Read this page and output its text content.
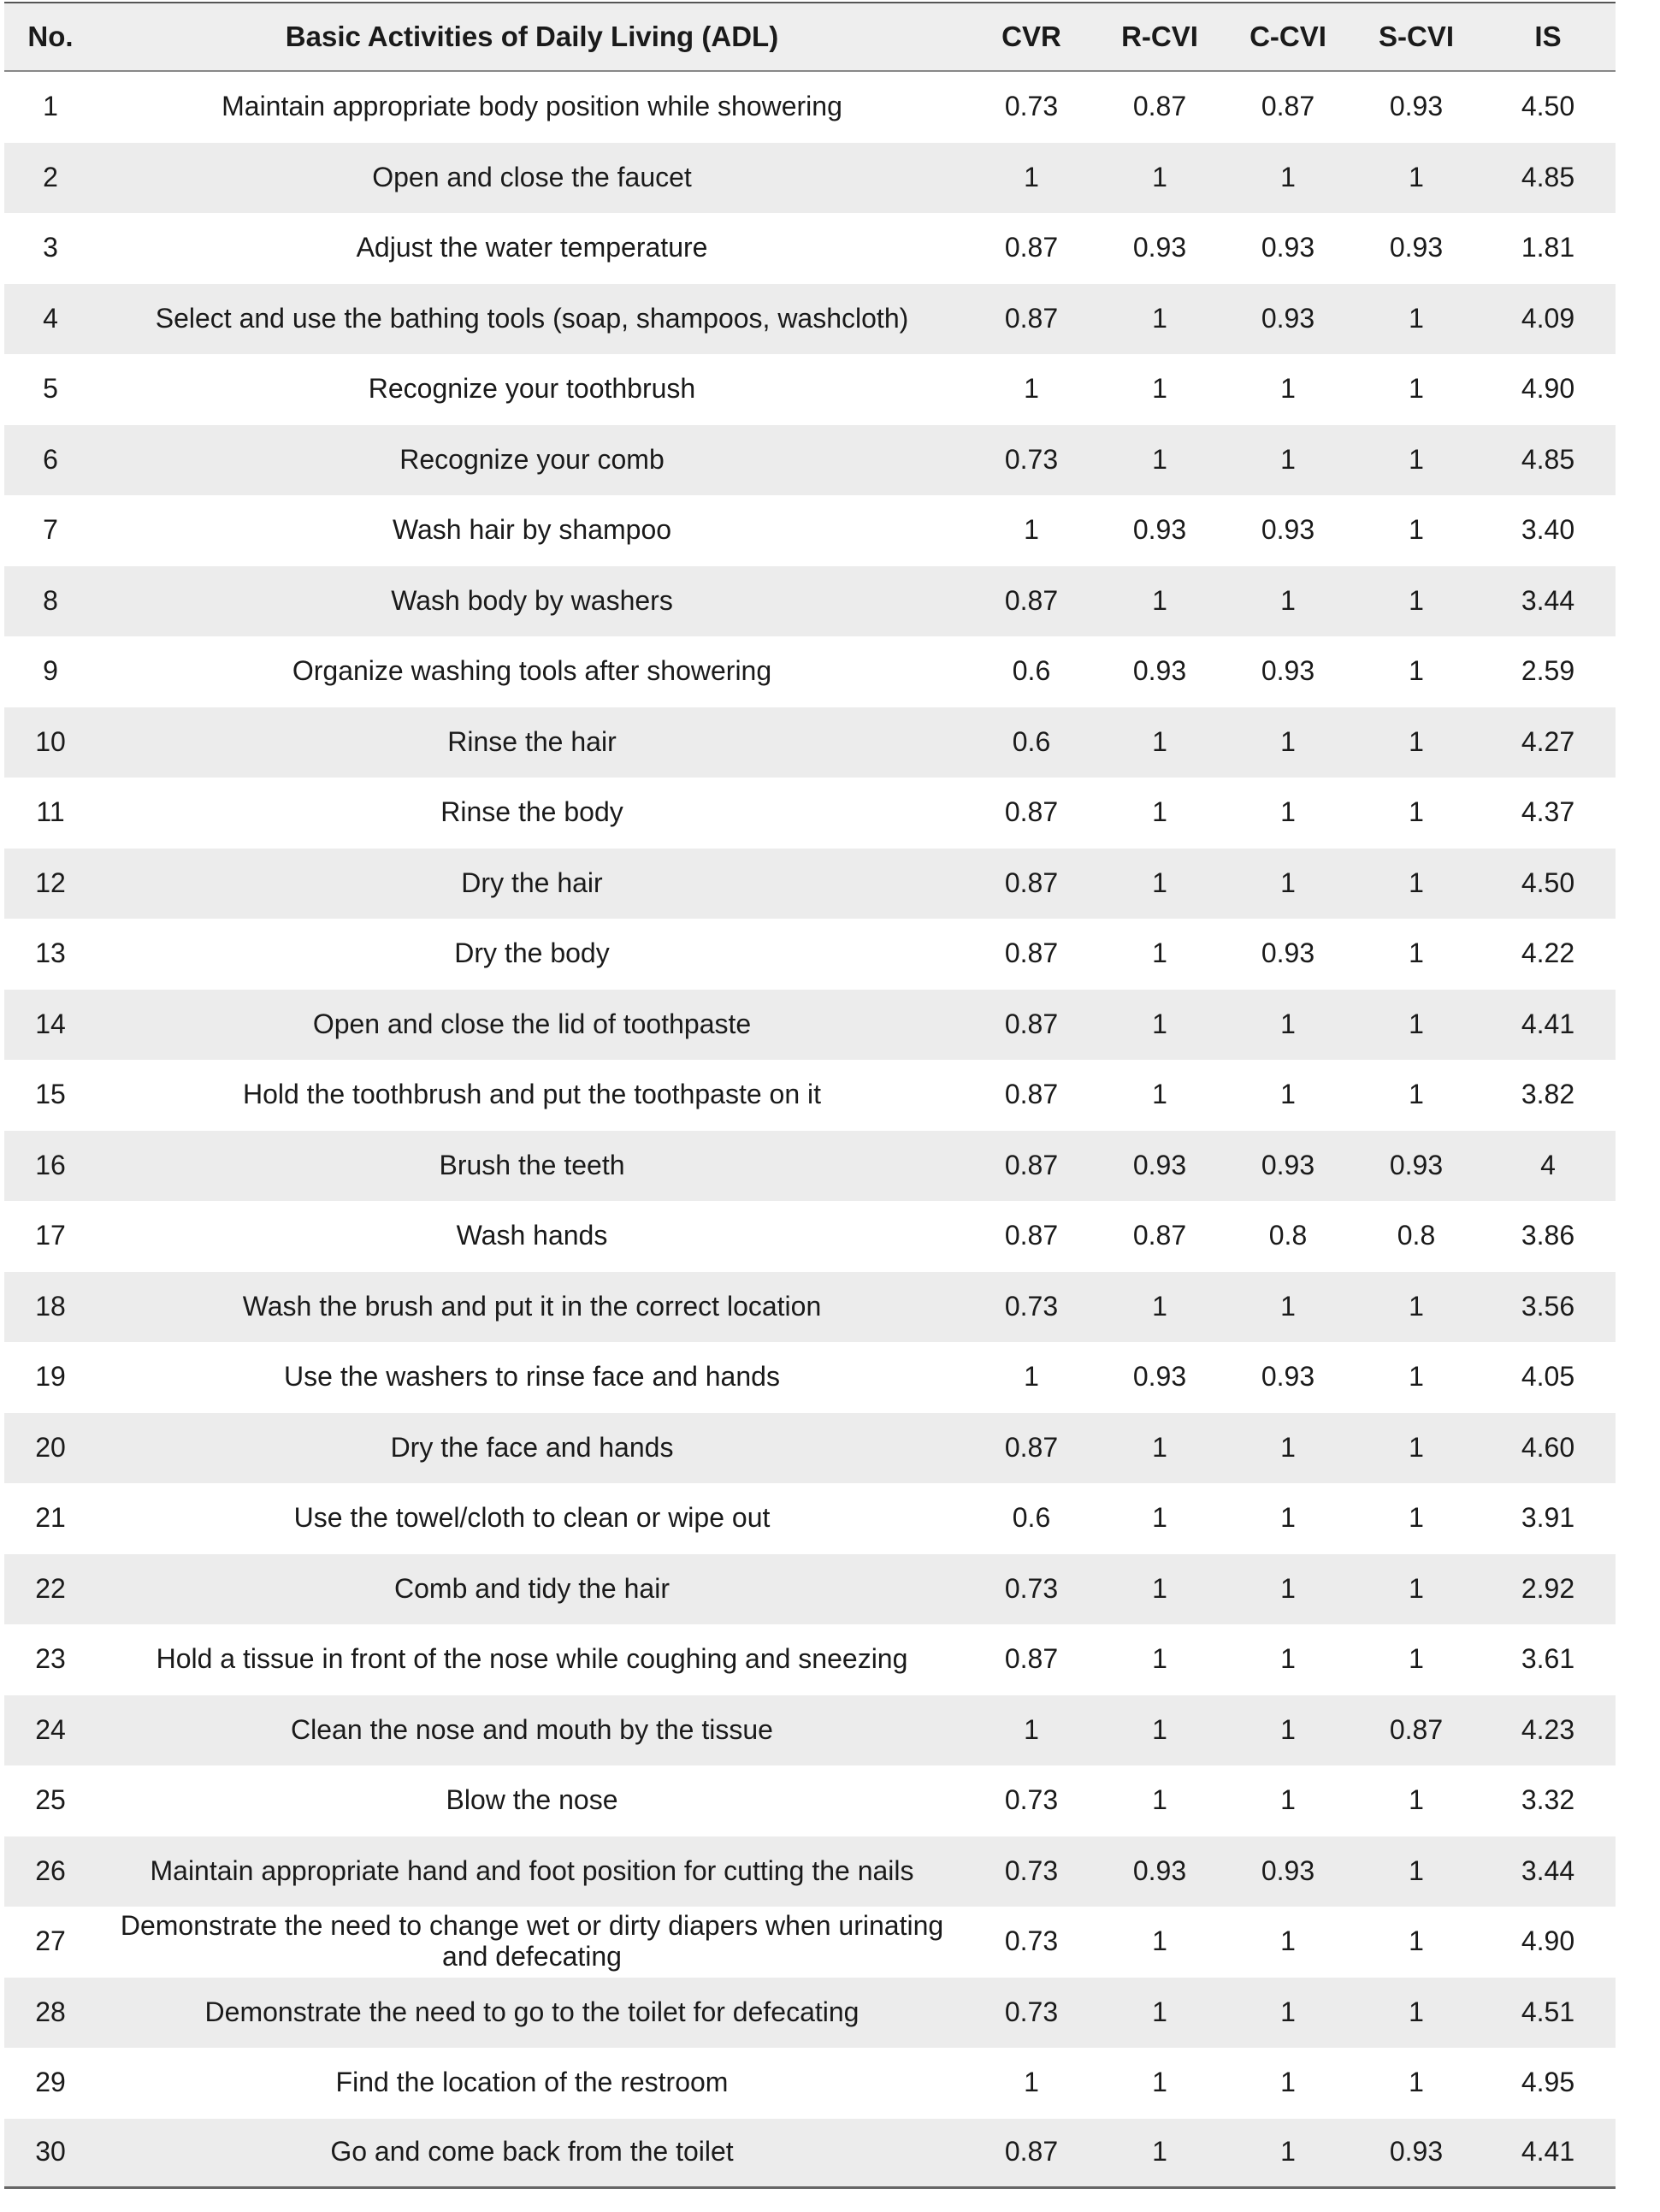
No.	Basic Activities of Daily Living (ADL)	CVR	R-CVI	C-CVI	S-CVI	IS
1	Maintain appropriate body position while showering	0.73	0.87	0.87	0.93	4.50
2	Open and close the faucet	1	1	1	1	4.85
3	Adjust the water temperature	0.87	0.93	0.93	0.93	1.81
4	Select and use the bathing tools (soap, shampoos, washcloth)	0.87	1	0.93	1	4.09
5	Recognize your toothbrush	1	1	1	1	4.90
6	Recognize your comb	0.73	1	1	1	4.85
7	Wash hair by shampoo	1	0.93	0.93	1	3.40
8	Wash body by washers	0.87	1	1	1	3.44
9	Organize washing tools after showering	0.6	0.93	0.93	1	2.59
10	Rinse the hair	0.6	1	1	1	4.27
11	Rinse the body	0.87	1	1	1	4.37
12	Dry the hair	0.87	1	1	1	4.50
13	Dry the body	0.87	1	0.93	1	4.22
14	Open and close the lid of toothpaste	0.87	1	1	1	4.41
15	Hold the toothbrush and put the toothpaste on it	0.87	1	1	1	3.82
16	Brush the teeth	0.87	0.93	0.93	0.93	4
17	Wash hands	0.87	0.87	0.8	0.8	3.86
18	Wash the brush and put it in the correct location	0.73	1	1	1	3.56
19	Use the washers to rinse face and hands	1	0.93	0.93	1	4.05
20	Dry the face and hands	0.87	1	1	1	4.60
21	Use the towel/cloth to clean or wipe out	0.6	1	1	1	3.91
22	Comb and tidy the hair	0.73	1	1	1	2.92
23	Hold a tissue in front of the nose while coughing and sneezing	0.87	1	1	1	3.61
24	Clean the nose and mouth by the tissue	1	1	1	0.87	4.23
25	Blow the nose	0.73	1	1	1	3.32
26	Maintain appropriate hand and foot position for cutting the nails	0.73	0.93	0.93	1	3.44
27	Demonstrate the need to change wet or dirty diapers when urinating and defecating	0.73	1	1	1	4.90
28	Demonstrate the need to go to the toilet for defecating	0.73	1	1	1	4.51
29	Find the location of the restroom	1	1	1	1	4.95
30	Go and come back from the toilet	0.87	1	1	0.93	4.41
